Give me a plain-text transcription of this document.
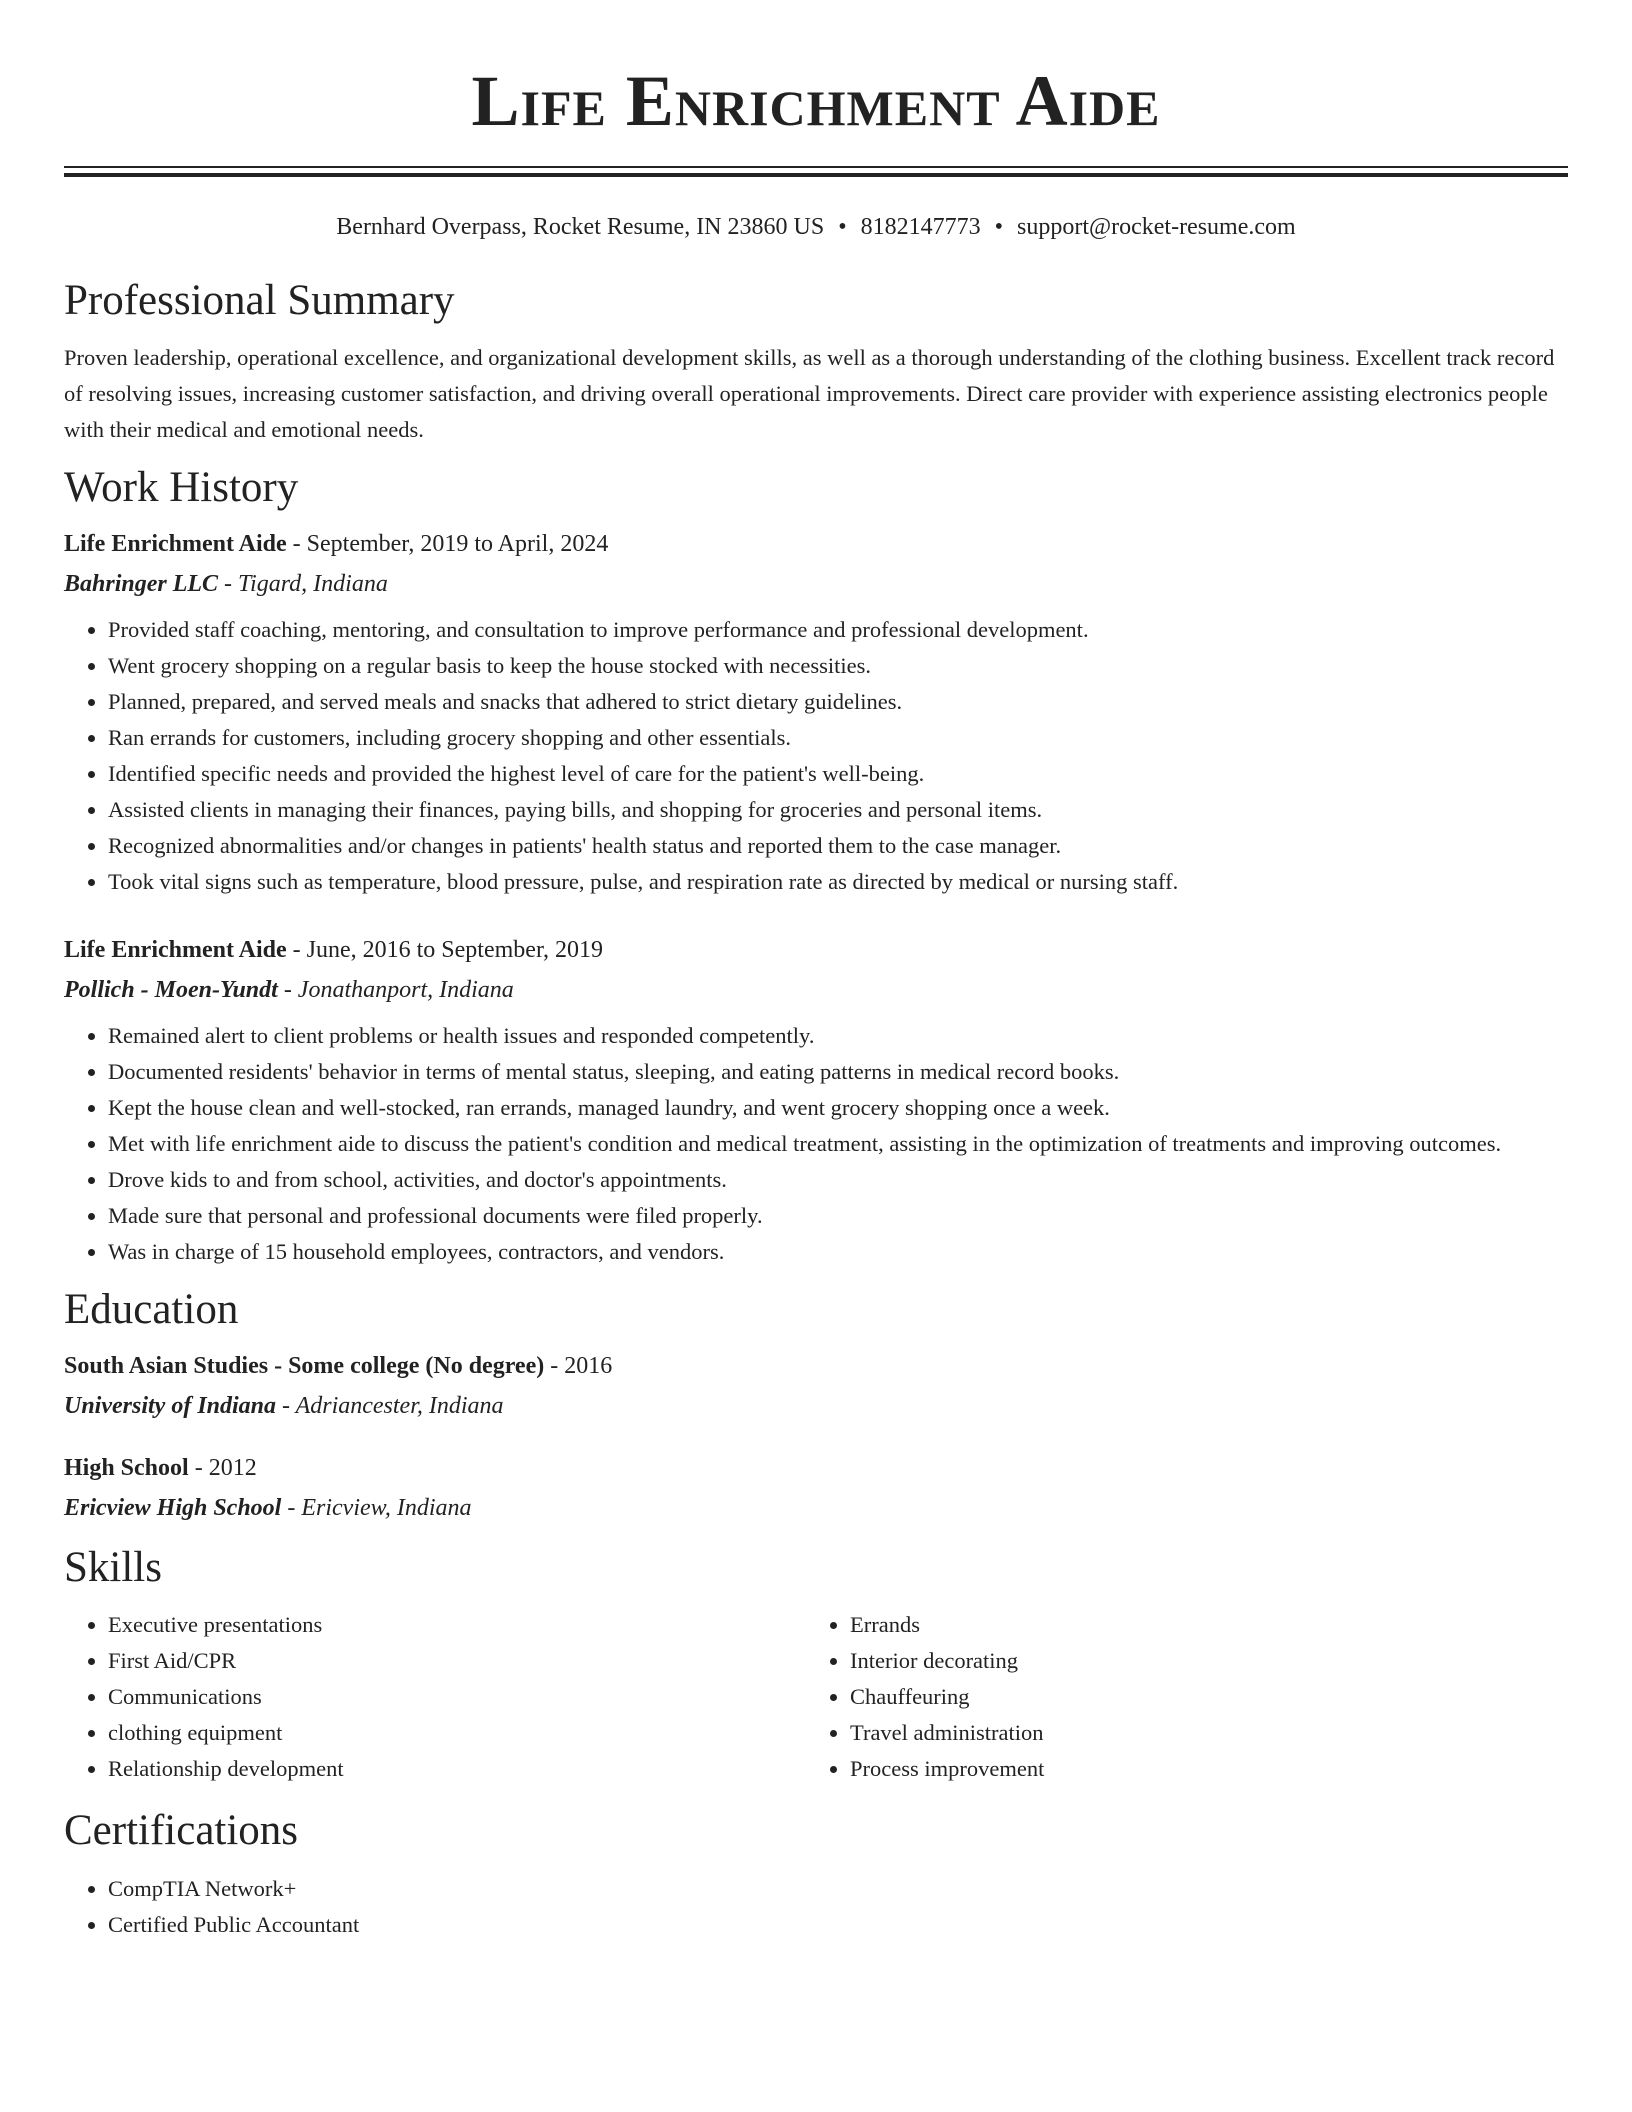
Life Enrichment Aide
Bernhard Overpass, Rocket Resume, IN 23860 US • 8182147773 • support@rocket-resume.com
Professional Summary

Proven leadership, operational excellence, and organizational development skills, as well as a thorough understanding of the clothing business. Excellent track record of resolving issues, increasing customer satisfaction, and driving overall operational improvements. Direct care provider with experience assisting electronics people with their medical and emotional needs.

Work History
Life Enrichment Aide - September, 2019 to April, 2024
Bahringer LLC - Tigard, Indiana
• Provided staff coaching, mentoring, and consultation to improve performance and professional development.
• Went grocery shopping on a regular basis to keep the house stocked with necessities.
• Planned, prepared, and served meals and snacks that adhered to strict dietary guidelines.
• Ran errands for customers, including grocery shopping and other essentials.
• Identified specific needs and provided the highest level of care for the patient's well-being.
• Assisted clients in managing their finances, paying bills, and shopping for groceries and personal items.
• Recognized abnormalities and/or changes in patients' health status and reported them to the case manager.
• Took vital signs such as temperature, blood pressure, pulse, and respiration rate as directed by medical or nursing staff.
Life Enrichment Aide - June, 2016 to September, 2019
Pollich - Moen-Yundt - Jonathanport, Indiana
• Remained alert to client problems or health issues and responded competently.
• Documented residents' behavior in terms of mental status, sleeping, and eating patterns in medical record books.
• Kept the house clean and well-stocked, ran errands, managed laundry, and went grocery shopping once a week.
• Met with life enrichment aide to discuss the patient's condition and medical treatment, assisting in the optimization of treatments and improving outcomes.
• Drove kids to and from school, activities, and doctor's appointments.
• Made sure that personal and professional documents were filed properly.
• Was in charge of 15 household employees, contractors, and vendors.
Education
South Asian Studies - Some college (No degree) - 2016
University of Indiana - Adriancester, Indiana
High School - 2012
Ericview High School - Ericview, Indiana
Skills
• Executive presentations
• First Aid/CPR
• Communications
• clothing equipment
• Relationship development
• Errands
• Interior decorating
• Chauffeuring
• Travel administration
• Process improvement
Certifications
• CompTIA Network+
• Certified Public Accountant
